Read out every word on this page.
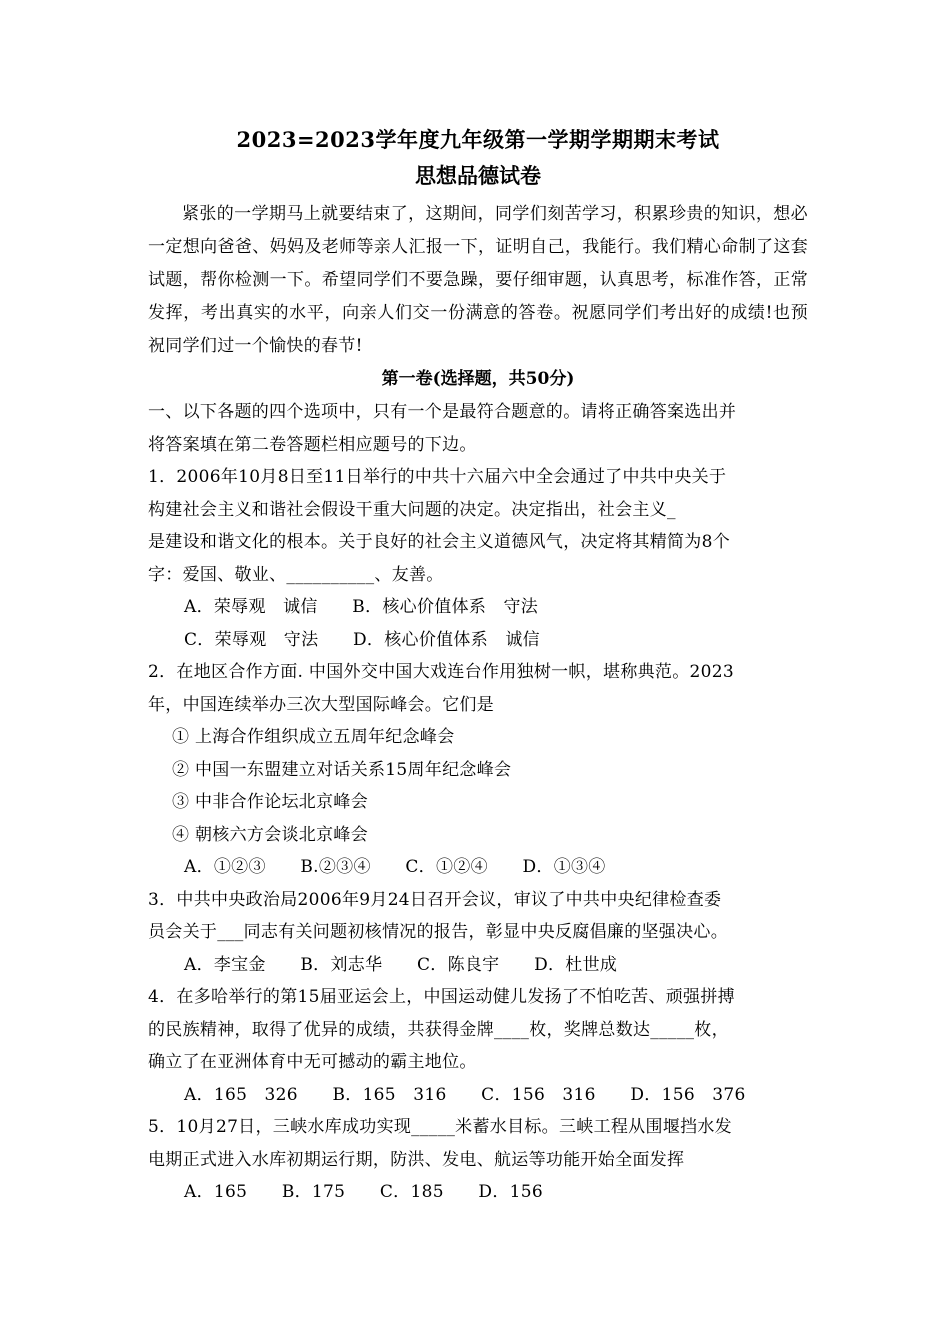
2023=2023学年度九年级第一学期学期期末考试
思想品德试卷
紧张的一学期马上就要结束了，这期间，同学们刻苦学习，积累珍贵的知识，想必一定想向爸爸、妈妈及老师等亲人汇报一下，证明自己，我能行。我们精心命制了这套试题，帮你检测一下。希望同学们不要急躁，要仔细审题，认真思考，标准作答，正常发挥，考出真实的水平，向亲人们交一份满意的答卷。祝愿同学们考出好的成绩!也预祝同学们过一个愉快的春节!
第一卷(选择题，共50分)
一、以下各题的四个选项中，只有一个是最符合题意的。请将正确答案选出并
将答案填在第二卷答题栏相应题号的下边。
1．2006年10月8日至11日举行的中共十六届六中全会通过了中共中央关于
构建社会主义和谐社会假设干重大问题的决定。决定指出，社会主义_
是建设和谐文化的根本。关于良好的社会主义道德风气，决定将其精简为8个
字：爱国、敬业、__________、友善。
A．荣辱观　诚信　　B．核心价值体系　守法
C．荣辱观　守法　　D．核心价值体系　诚信
2．在地区合作方面. 中国外交中国大戏连台作用独树一帜，堪称典范。2023
年，中国连续举办三次大型国际峰会。它们是
① 上海合作组织成立五周年纪念峰会
② 中国一东盟建立对话关系15周年纪念峰会
③ 中非合作论坛北京峰会
④ 朝核六方会谈北京峰会
A．①②③　　B.②③④　　C．①②④　　D．①③④
3．中共中央政治局2006年9月24日召开会议，审议了中共中央纪律检查委
员会关于___同志有关问题初核情况的报告，彰显中央反腐倡廉的坚强决心。
A．李宝金　　B．刘志华　　C．陈良宇　　D．杜世成
4．在多哈举行的第15届亚运会上，中国运动健儿发扬了不怕吃苦、顽强拼搏
的民族精神，取得了优异的成绩，共获得金牌____枚，奖牌总数达_____枚，
确立了在亚洲体育中无可撼动的霸主地位。
A．165　326　　B．165　316　　C．156　316　　D．156　376
5．10月27日，三峡水库成功实现_____米蓄水目标。三峡工程从围堰挡水发
电期正式进入水库初期运行期，防洪、发电、航运等功能开始全面发挥
A．165　　B．175　　C．185　　D．156
